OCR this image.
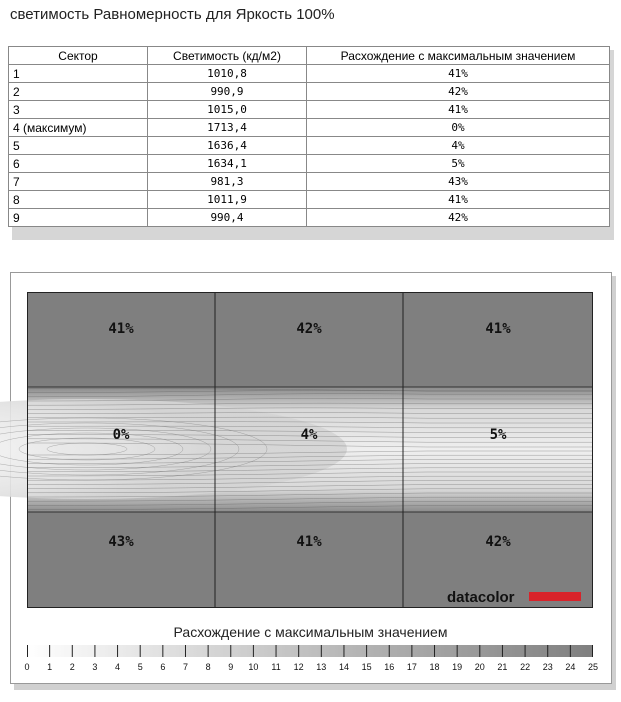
светимость Равномерность для Яркость 100%
Сектор	Светимость (кд/м2)	Расхождение с максимальным значением
1	1010,8	41%
2	990,9	42%
3	1015,0	41%
4 (максимум)	1713,4	0%
5	1636,4	4%
6	1634,1	5%
7	981,3	43%
8	1011,9	41%
9	990,4	42%
41%	42%	41%
0%	4%	5%
43%	41%	42%
datacolor
0 1 2 3 4 5 6 7 8 9 10 11 12 13 14 15 16 17 18 19 20 21 22 23 24 25
Расхождение с максимальным значением
